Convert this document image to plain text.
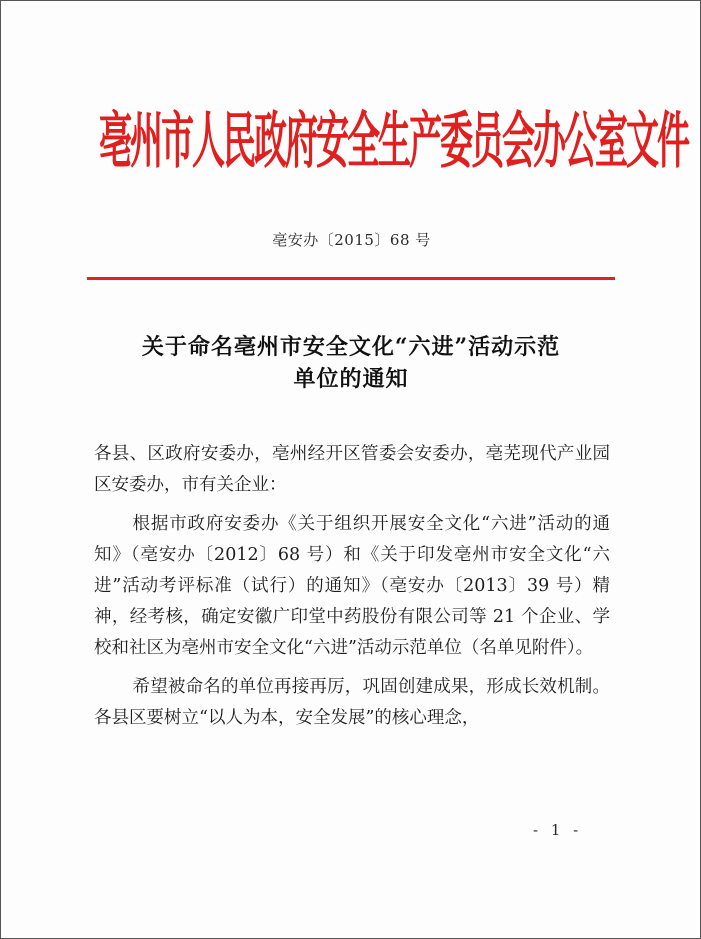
亳州市人民政府安全生产委员会办公室文件
亳安办〔2015〕68 号
关于命名亳州市安全文化“六进”活动示范
单位的通知

各县、区政府安委办，亳州经开区管委会安委办，亳芜现代产业园区安委办，市有关企业：

根据市政府安委办《关于组织开展安全文化“六进”活动的通知》（亳安办〔2012〕68 号）和《关于印发亳州市安全文化“六进”活动考评标准（试行）的通知》（亳安办〔2013〕39 号）精神，经考核，确定安徽广印堂中药股份有限公司等 21 个企业、学校和社区为亳州市安全文化“六进”活动示范单位（名单见附件）。

希望被命名的单位再接再厉，巩固创建成果，形成长效机制。各县区要树立“以人为本，安全发展”的核心理念，

- 1 -
